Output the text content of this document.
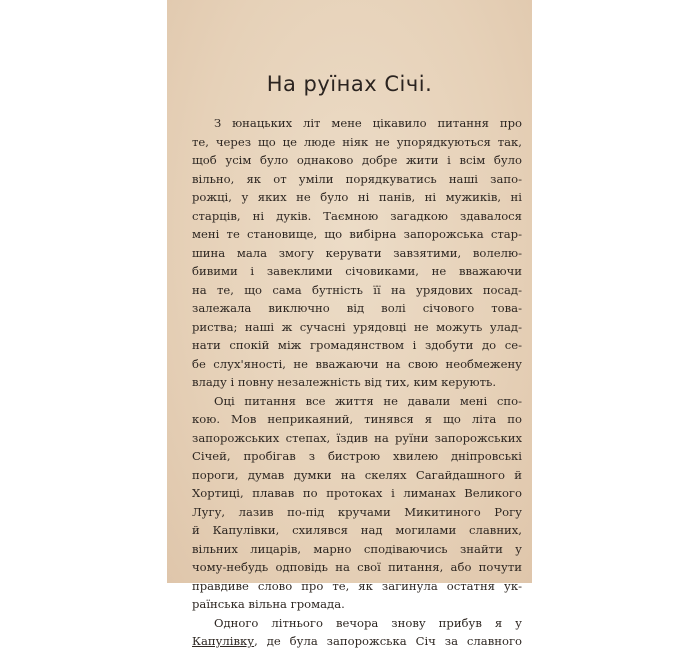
На руїнах Січі.
З юнацьких літ мене цікавило питання про
те, через що це люде ніяк не упорядкуються так,
щоб усім було однаково добре жити і всім було
вільно, як от уміли порядкуватись наші запо-
рожці, у яких не було ні панів, ні мужиків, ні
старців, ні дуків. Таємною загадкою здавалося
мені те становище, що вибірна запорожська стар-
шина мала змогу керувати завзятими, волелю-
бивими і завеклими січовиками, не вважаючи
на те, що сама бутність її на урядових посад-
залежала виключно від волі січового това-
риства; наші ж сучасні урядовці не можуть улад-
нати спокій між громадянством і здобути до се-
бе слух'яності, не вважаючи на свою необмежену
владу і повну незалежність від тих, ким керують.
Оці питання все життя не давали мені спо-
кою. Мов неприкаяний, тинявся я що літа по
запорожських степах, їздив на руїни запорожських
Січей, пробігав з бистрою хвилею дніпровські
пороги, думав думки на скелях Сагайдашного й
Хортиці, плавав по протоках і лиманах Великого
Лугу, лазив по-під кручами Микитиного Рогу
й Капулівки, схилявся над могилами славних,
вільних лицарів, марно сподіваючись знайти у
чому-небудь одповідь на свої питання, або почути
правдиве слово про те, як загинула остатня ук-
раїнська вільна громада.
Одного літнього вечора знову прибув я у
Капулівку, де була запорожська Січ за славного
